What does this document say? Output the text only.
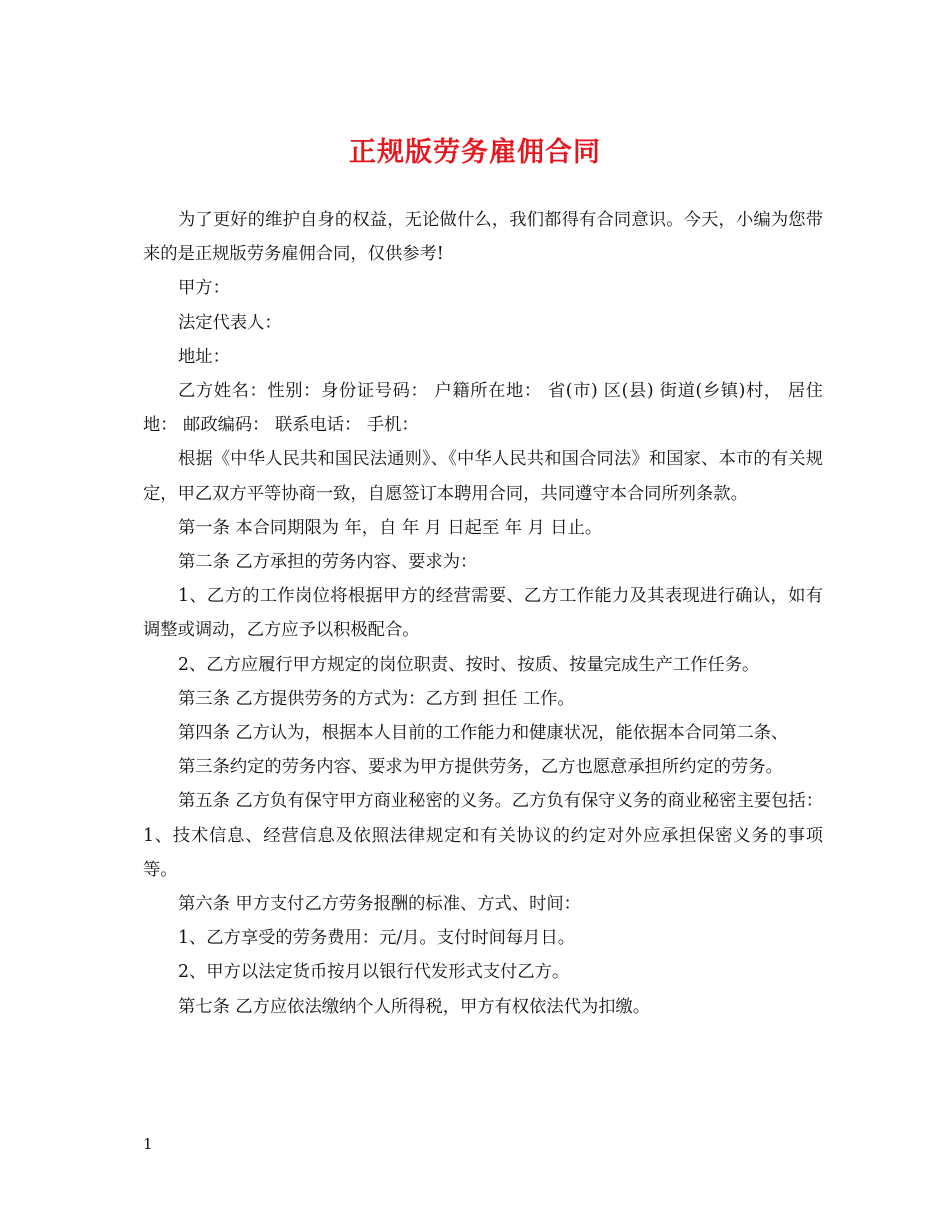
正规版劳务雇佣合同

为了更好的维护自身的权益，无论做什么，我们都得有合同意识。今天，小编为您带来的是正规版劳务雇佣合同，仅供参考!

甲方：

法定代表人：

地址：

乙方姓名：性别：身份证号码： 户籍所在地： 省(市) 区(县) 街道(乡镇)村， 居住地： 邮政编码： 联系电话： 手机：

根据《中华人民共和国民法通则》、《中华人民共和国合同法》和国家、本市的有关规定，甲乙双方平等协商一致，自愿签订本聘用合同，共同遵守本合同所列条款。

第一条 本合同期限为 年，自 年 月 日起至 年 月 日止。

第二条 乙方承担的劳务内容、要求为：

1、乙方的工作岗位将根据甲方的经营需要、乙方工作能力及其表现进行确认，如有调整或调动，乙方应予以积极配合。

2、乙方应履行甲方规定的岗位职责、按时、按质、按量完成生产工作任务。

第三条 乙方提供劳务的方式为：乙方到 担任 工作。

第四条 乙方认为，根据本人目前的工作能力和健康状况，能依据本合同第二条、

第三条约定的劳务内容、要求为甲方提供劳务，乙方也愿意承担所约定的劳务。

第五条 乙方负有保守甲方商业秘密的义务。乙方负有保守义务的商业秘密主要包括：1、技术信息、经营信息及依照法律规定和有关协议的约定对外应承担保密义务的事项等。

第六条 甲方支付乙方劳务报酬的标准、方式、时间：

1、乙方享受的劳务费用：元/月。支付时间每月日。

2、甲方以法定货币按月以银行代发形式支付乙方。

第七条 乙方应依法缴纳个人所得税，甲方有权依法代为扣缴。

1
